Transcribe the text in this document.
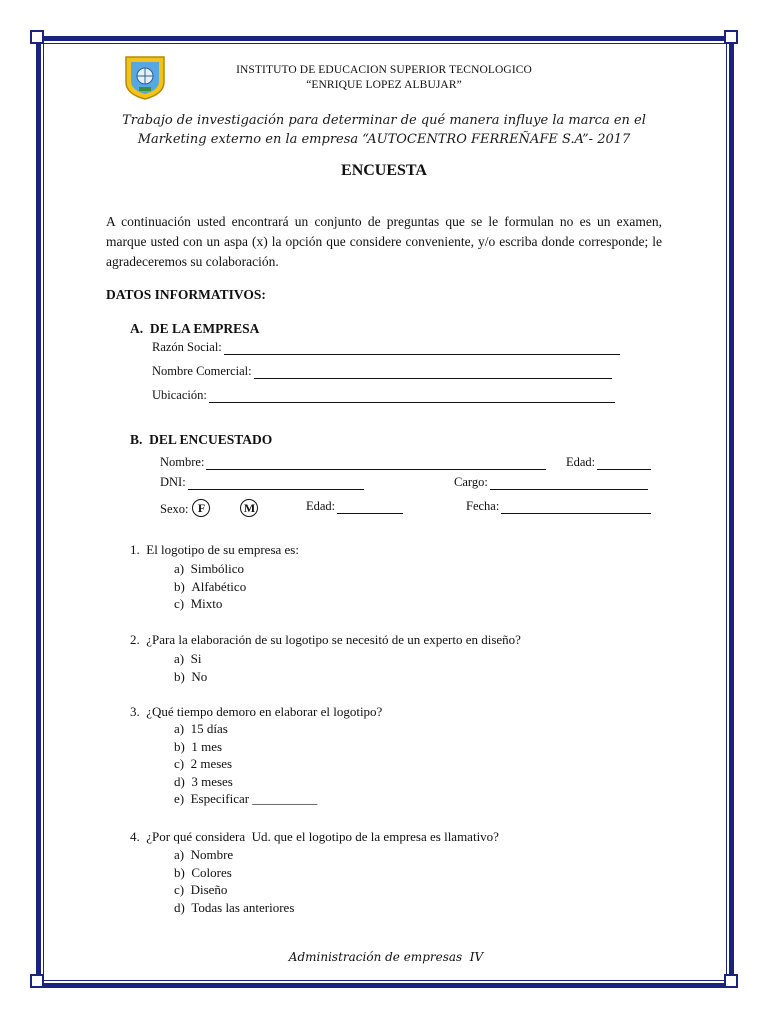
INSTITUTO DE EDUCACION SUPERIOR TECNOLOGICO
“ENRIQUE LOPEZ ALBUJAR”
Trabajo de investigación para determinar de qué manera influye la marca en el
Marketing externo en la empresa “AUTOCENTRO FERREÑAFE S.A”- 2017
ENCUESTA
A continuación usted encontrará un conjunto de preguntas que se le formulan no es un examen, marque usted con un aspa (x) la opción que considere conveniente, y/o escriba donde corresponde; le agradeceremos su colaboración.
DATOS INFORMATIVOS:
A.  DE LA EMPRESA
Razón Social:
Nombre Comercial:
Ubicación:
B.  DEL ENCUESTADO
Nombre:	Edad:
DNI:	Cargo:
Sexo: F	M	Edad:	Fecha:
1.  El logotipo de su empresa es:
a)  Simbólico
b)  Alfabético
c)  Mixto
2.  ¿Para la elaboración de su logotipo se necesitó de un experto en diseño?
a)  Si
b)  No
3.  ¿Qué tiempo demoro en elaborar el logotipo?
a)  15 días
b)  1 mes
c)  2 meses
d)  3 meses
e)  Especificar __________
4.  ¿Por qué considera  Ud. que el logotipo de la empresa es llamativo?
a)  Nombre
b)  Colores
c)  Diseño
d)  Todas las anteriores
Administración de empresas  IV
